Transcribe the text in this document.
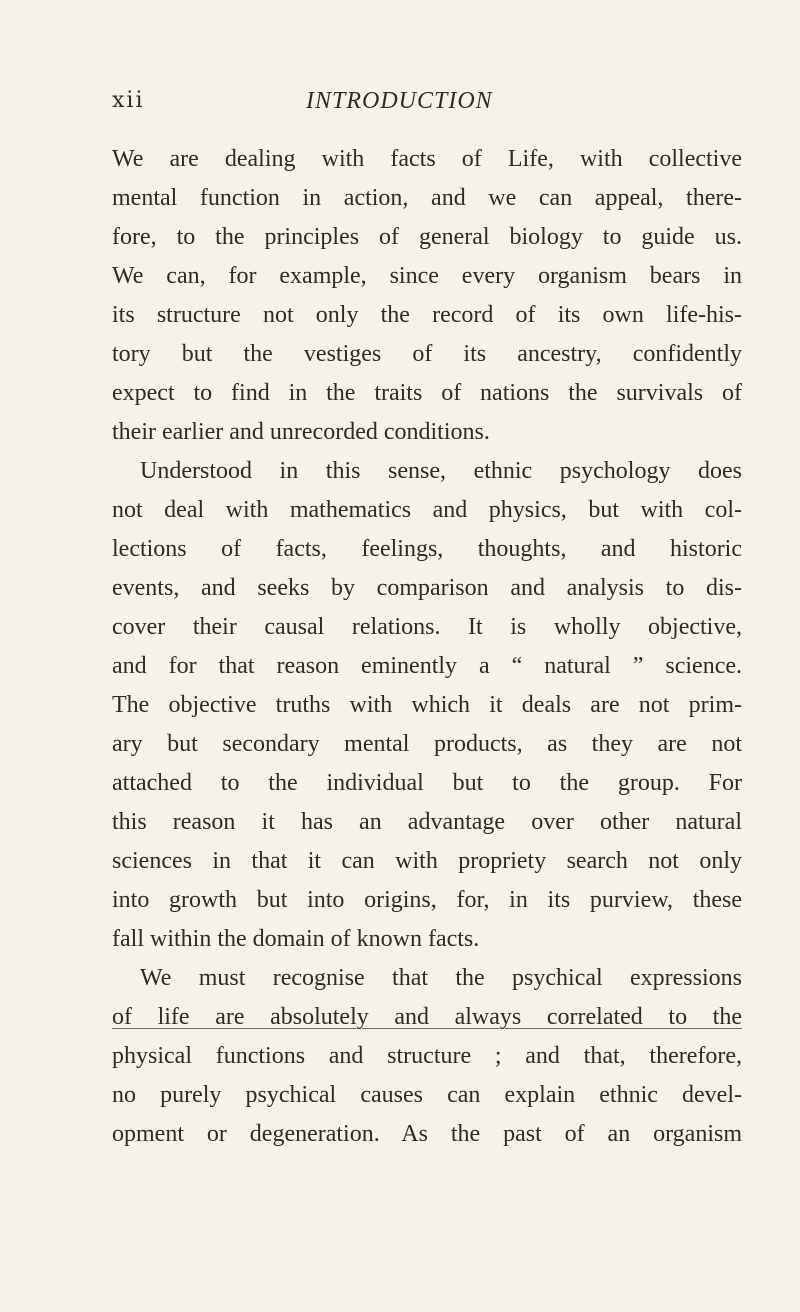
xii	INTRODUCTION
We are dealing with facts of Life, with collective
mental function in action, and we can appeal, there-
fore, to the principles of general biology to guide us.
We can, for example, since every organism bears in
its structure not only the record of its own life-his-
tory but the vestiges of its ancestry, confidently
expect to find in the traits of nations the survivals of
their earlier and unrecorded conditions.
Understood in this sense, ethnic psychology does
not deal with mathematics and physics, but with col-
lections of facts, feelings, thoughts, and historic
events, and seeks by comparison and analysis to dis-
cover their causal relations. It is wholly objective,
and for that reason eminently a “ natural ” science.
The objective truths with which it deals are not prim-
ary but secondary mental products, as they are not
attached to the individual but to the group. For
this reason it has an advantage over other natural
sciences in that it can with propriety search not only
into growth but into origins, for, in its purview, these
fall within the domain of known facts.
We must recognise that the psychical expressions
of life are absolutely and always correlated to the
physical functions and structure ; and that, therefore,
no purely psychical causes can explain ethnic devel-
opment or degeneration. As the past of an organism
